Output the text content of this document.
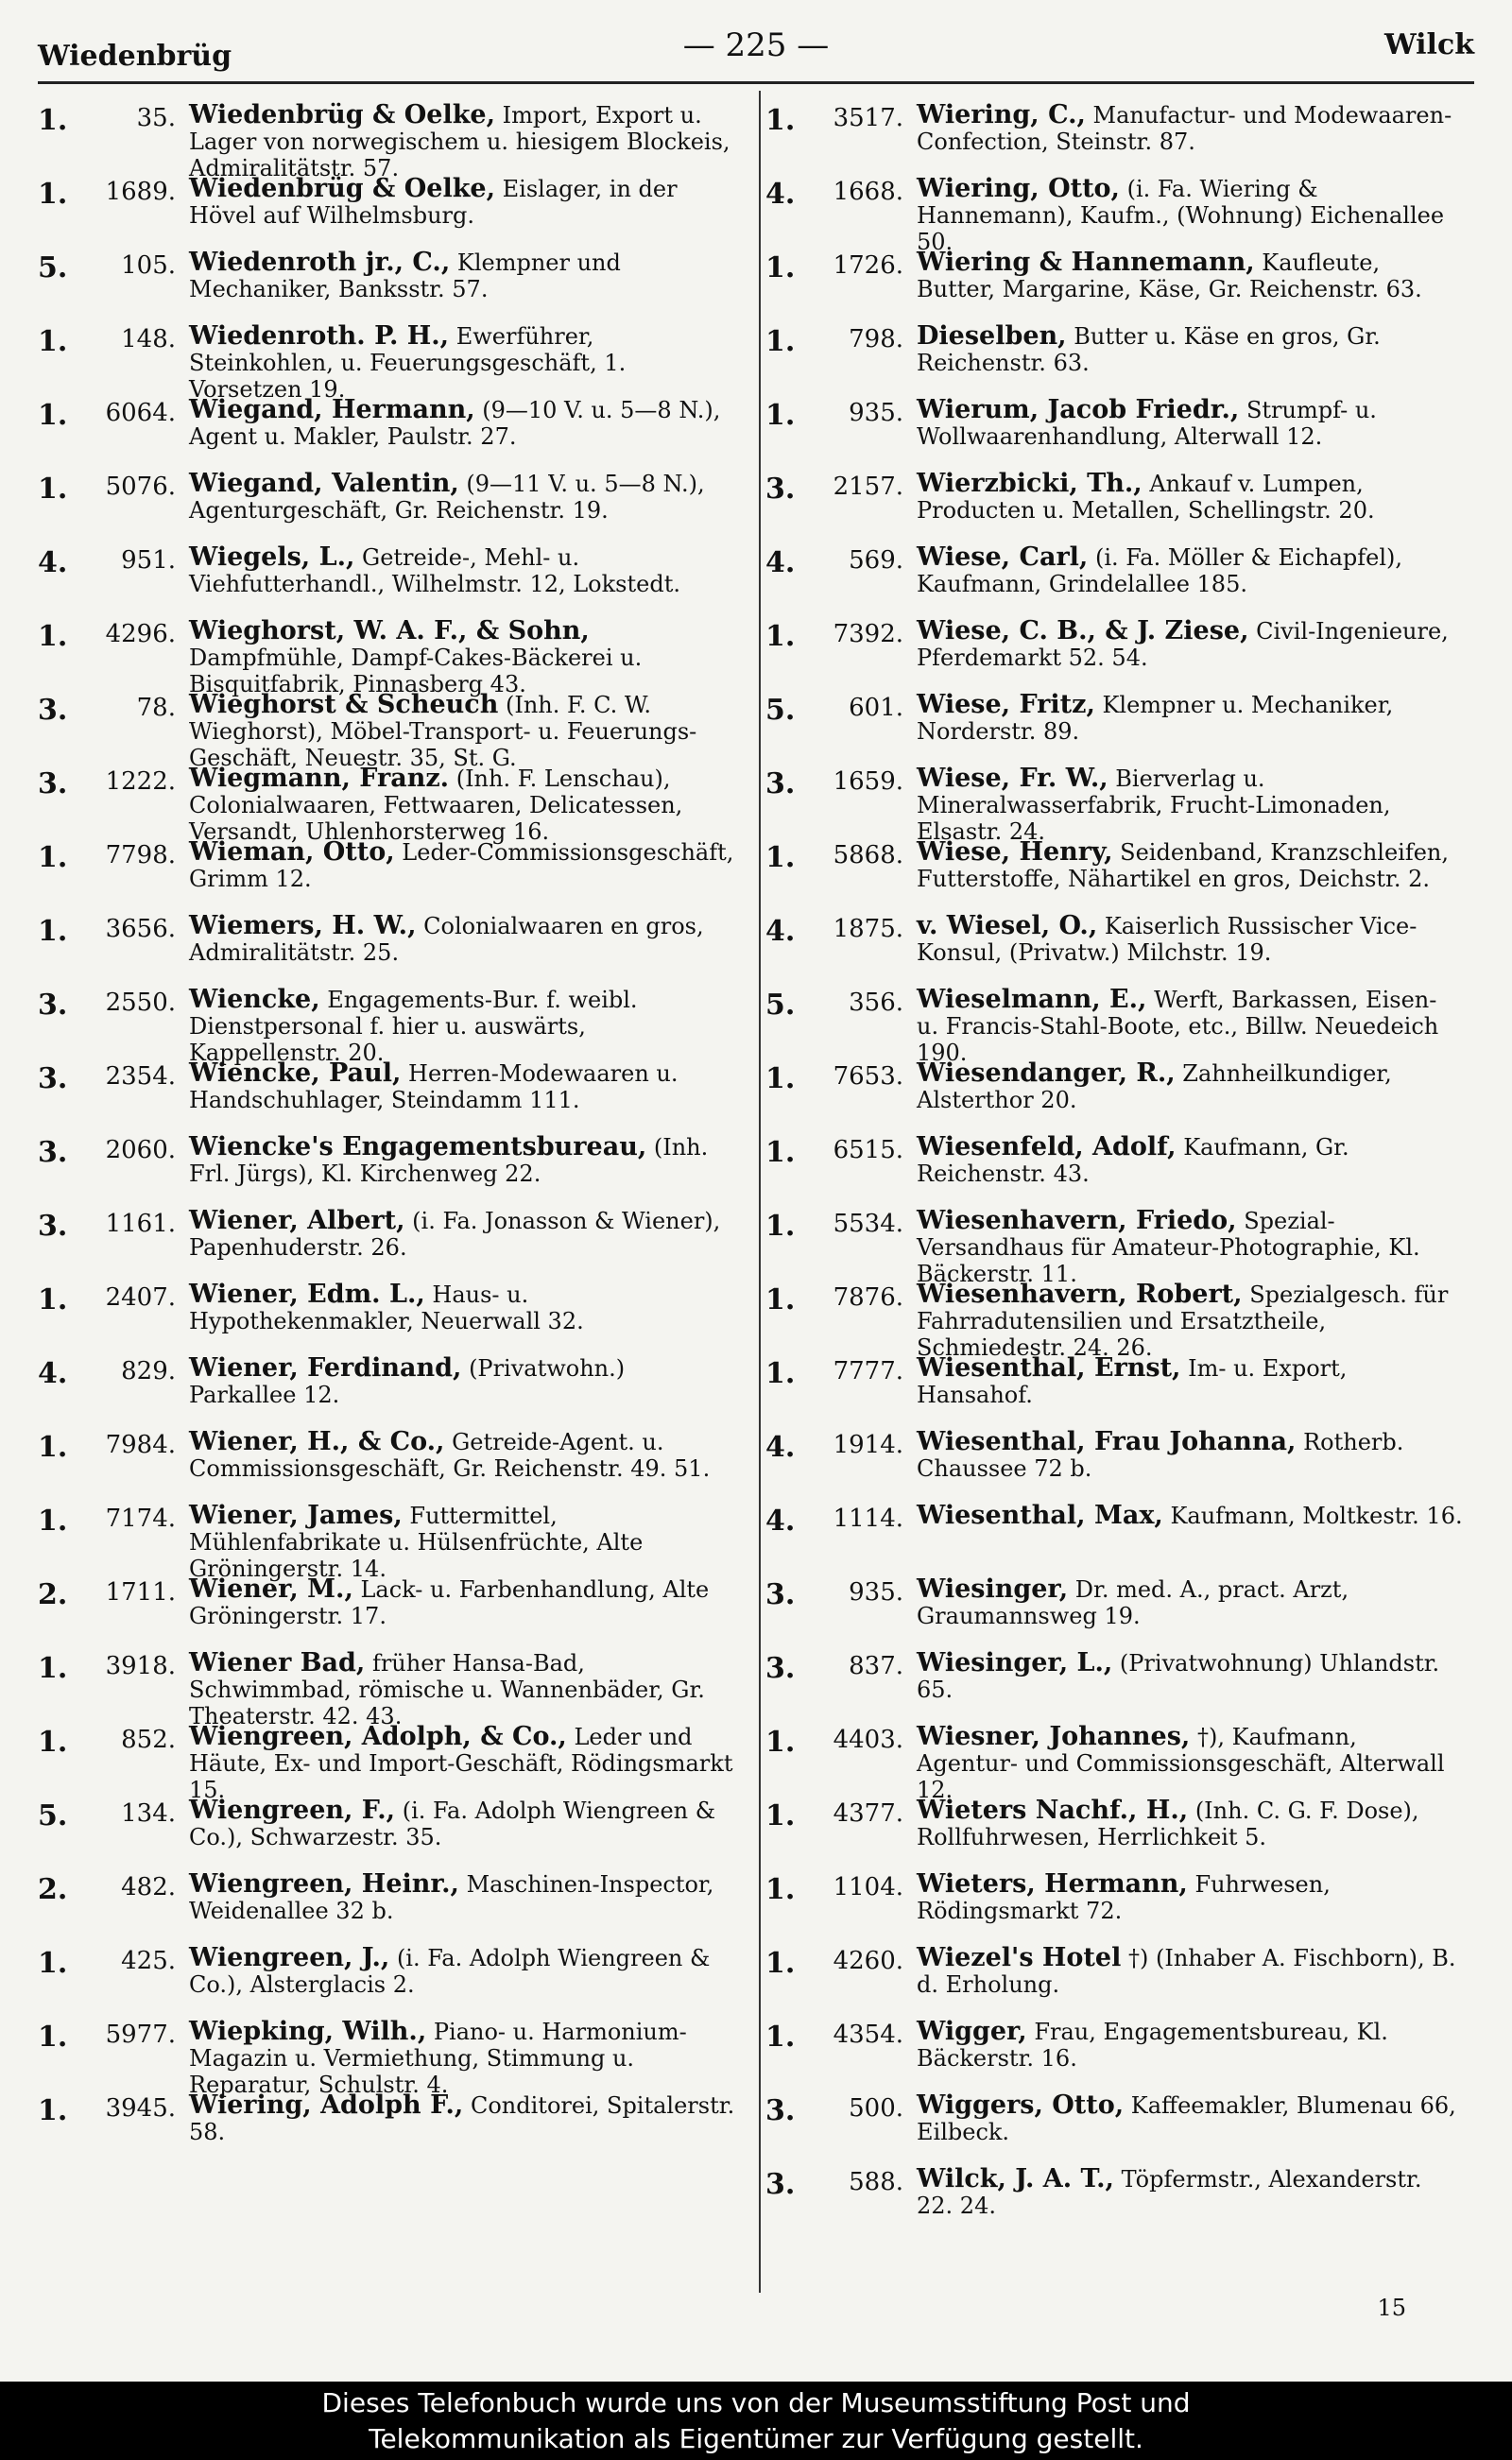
Wiedenbrüg	— 225 —	Wilck
1.	35. Wiedenbrüg & Oelke, Import, Export u. Lager von norwegischem u. hiesigem Blockeis, Admiralitätstr. 57.
1.	1689. Wiedenbrüg & Oelke, Eislager, in der Hövel auf Wilhelmsburg.
5.	105. Wiedenroth jr., C., Klempner und Mechaniker, Banksstr. 57.
1.	148. Wiedenroth. P. H., Ewerführer, Steinkohlen, u. Feuerungsgeschäft, 1. Vorsetzen 19.
1.	6064. Wiegand, Hermann, (9—10 V. u. 5—8 N.), Agent u. Makler, Paulstr. 27.
1.	5076. Wiegand, Valentin, (9—11 V. u. 5—8 N.), Agenturgeschäft, Gr. Reichenstr. 19.
4.	951. Wiegels, L., Getreide-, Mehl- u. Viehfutterhandl., Wilhelmstr. 12, Lokstedt.
1.	4296. Wieghorst, W. A. F., & Sohn, Dampfmühle, Dampf-Cakes-Bäckerei u. Bisquitfabrik, Pinnasberg 43.
3.	78. Wieghorst & Scheuch (Inh. F. C. W. Wieghorst), Möbel-Transport- u. Feuerungs-Geschäft, Neuestr. 35, St. G.
3.	1222. Wiegmann, Franz. (Inh. F. Lenschau), Colonialwaaren, Fettwaaren, Delicatessen, Versandt, Uhlenhorsterweg 16.
1.	7798. Wieman, Otto, Leder-Commissionsgeschäft, Grimm 12.
1.	3656. Wiemers, H. W., Colonialwaaren en gros, Admiralitätstr. 25.
3.	2550. Wiencke, Engagements-Bur. f. weibl. Dienstpersonal f. hier u. auswärts, Kappellenstr. 20.
3.	2354. Wiencke, Paul, Herren-Modewaaren u. Handschuhlager, Steindamm 111.
3.	2060. Wiencke's Engagementsbureau, (Inh. Frl. Jürgs), Kl. Kirchenweg 22.
3.	1161. Wiener, Albert, (i. Fa. Jonasson & Wiener), Papenhuderstr. 26.
1.	2407. Wiener, Edm. L., Haus- u. Hypothekenmakler, Neuerwall 32.
4.	829. Wiener, Ferdinand, (Privatwohn.) Parkallee 12.
1.	7984. Wiener, H., & Co., Getreide-Agent. u. Commissionsgeschäft, Gr. Reichenstr. 49. 51.
1.	7174. Wiener, James, Futtermittel, Mühlenfabrikate u. Hülsenfrüchte, Alte Gröningerstr. 14.
2.	1711. Wiener, M., Lack- u. Farbenhandlung, Alte Gröningerstr. 17.
1.	3918. Wiener Bad, früher Hansa-Bad, Schwimmbad, römische u. Wannenbäder, Gr. Theaterstr. 42. 43.
1.	852. Wiengreen, Adolph, & Co., Leder und Häute, Ex- und Import-Geschäft, Rödingsmarkt 15.
5.	134. Wiengreen, F., (i. Fa. Adolph Wiengreen & Co.), Schwarzestr. 35.
2.	482. Wiengreen, Heinr., Maschinen-Inspector, Weidenallee 32 b.
1.	425. Wiengreen, J., (i. Fa. Adolph Wiengreen & Co.), Alsterglacis 2.
1.	5977. Wiepking, Wilh., Piano- u. Harmonium-Magazin u. Vermiethung, Stimmung u. Reparatur, Schulstr. 4.
1.	3945. Wiering, Adolph F., Conditorei, Spitalerstr. 58.
1.	3517. Wiering, C., Manufactur- und Modewaaren-Confection, Steinstr. 87.
4.	1668. Wiering, Otto, (i. Fa. Wiering & Hannemann), Kaufm., (Wohnung) Eichenallee 50.
1.	1726. Wiering & Hannemann, Kaufleute, Butter, Margarine, Käse, Gr. Reichenstr. 63.
1.	798. Dieselben, Butter u. Käse en gros, Gr. Reichenstr. 63.
1.	935. Wierum, Jacob Friedr., Strumpf- u. Wollwaarenhandlung, Alterwall 12.
3.	2157. Wierzbicki, Th., Ankauf v. Lumpen, Producten u. Metallen, Schellingstr. 20.
4.	569. Wiese, Carl, (i. Fa. Möller & Eichapfel), Kaufmann, Grindelallee 185.
1.	7392. Wiese, C. B., & J. Ziese, Civil-Ingenieure, Pferdemarkt 52. 54.
5.	601. Wiese, Fritz, Klempner u. Mechaniker, Norderstr. 89.
3.	1659. Wiese, Fr. W., Bierverlag u. Mineralwasserfabrik, Frucht-Limonaden, Elsastr. 24.
1.	5868. Wiese, Henry, Seidenband, Kranzschleifen, Futterstoffe, Nähartikel en gros, Deichstr. 2.
4.	1875. v. Wiesel, O., Kaiserlich Russischer Vice-Konsul, (Privatw.) Milchstr. 19.
5.	356. Wieselmann, E., Werft, Barkassen, Eisen- u. Francis-Stahl-Boote, etc., Billw. Neuedeich 190.
1.	7653. Wiesendanger, R., Zahnheilkundiger, Alsterthor 20.
1.	6515. Wiesenfeld, Adolf, Kaufmann, Gr. Reichenstr. 43.
1.	5534. Wiesenhavern, Friedo, Spezial-Versandhaus für Amateur-Photographie, Kl. Bäckerstr. 11.
1.	7876. Wiesenhavern, Robert, Spezialgesch. für Fahrradutensilien und Ersatztheile, Schmiedestr. 24. 26.
1.	7777. Wiesenthal, Ernst, Im- u. Export, Hansahof.
4.	1914. Wiesenthal, Frau Johanna, Rotherb. Chaussee 72 b.
4.	1114. Wiesenthal, Max, Kaufmann, Moltkestr. 16.
3.	935. Wiesinger, Dr. med. A., pract. Arzt, Graumannsweg 19.
3.	837. Wiesinger, L., (Privatwohnung) Uhlandstr. 65.
1.	4403. Wiesner, Johannes, †), Kaufmann, Agentur- und Commissionsgeschäft, Alterwall 12.
1.	4377. Wieters Nachf., H., (Inh. C. G. F. Dose), Rollfuhrwesen, Herrlichkeit 5.
1.	1104. Wieters, Hermann, Fuhrwesen, Rödingsmarkt 72.
1.	4260. Wiezel's Hotel †) (Inhaber A. Fischborn), B. d. Erholung.
1.	4354. Wigger, Frau, Engagementsbureau, Kl. Bäckerstr. 16.
3.	500. Wiggers, Otto, Kaffeemakler, Blumenau 66, Eilbeck.
3.	588. Wilck, J. A. T., Töpfermstr., Alexanderstr. 22. 24.
15
Dieses Telefonbuch wurde uns von der Museumsstiftung Post und
Telekommunikation als Eigentümer zur Verfügung gestellt.
